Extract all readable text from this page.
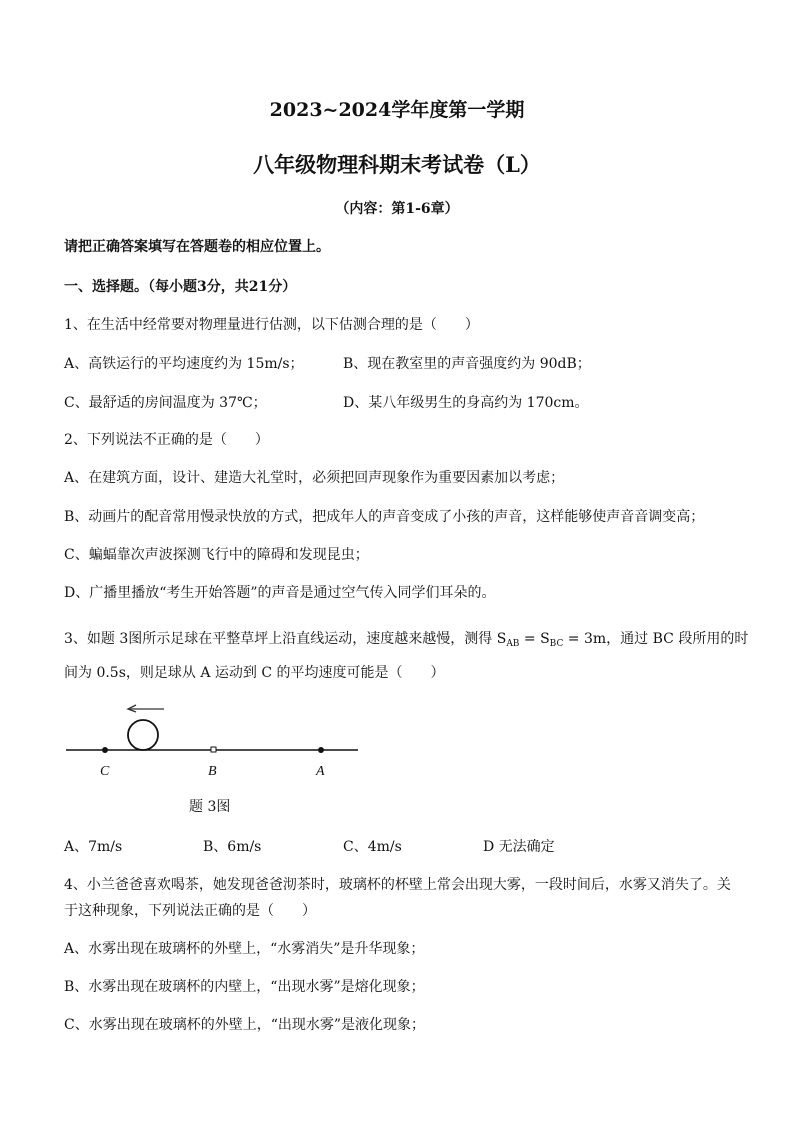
2023~2024学年度第一学期
八年级物理科期末考试卷（L）
（内容：第1-6章）
请把正确答案填写在答题卷的相应位置上。
一、选择题。（每小题3分，共21分）
1、在生活中经常要对物理量进行估测，以下估测合理的是（　　）
A、高铁运行的平均速度约为 15m/s；	B、现在教室里的声音强度约为 90dB；
C、最舒适的房间温度为 37℃；	D、某八年级男生的身高约为 170cm。
2、下列说法不正确的是（　　）
A、在建筑方面，设计、建造大礼堂时，必须把回声现象作为重要因素加以考虑；
B、动画片的配音常用慢录快放的方式，把成年人的声音变成了小孩的声音，这样能够使声音音调变高；
C、蝙蝠靠次声波探测飞行中的障碍和发现昆虫；
D、广播里播放“考生开始答题”的声音是通过空气传入同学们耳朵的。
3、如题 3图所示足球在平整草坪上沿直线运动，速度越来越慢，测得 $S_{AB} = S_{BC} = 3m$，通过 BC 段所用的时
间为 0.5s，则足球从 A 运动到 C 的平均速度可能是（　　）
C	B	A
题 3图
A、7m/s	B、6m/s	C、4m/s	D 无法确定
4、小兰爸爸喜欢喝茶，她发现爸爸沏茶时，玻璃杯的杯壁上常会出现大雾，一段时间后，水雾又消失了。关
于这种现象，下列说法正确的是（　　）
A、水雾出现在玻璃杯的外壁上，“水雾消失”是升华现象；
B、水雾出现在玻璃杯的内壁上，“出现水雾”是熔化现象；
C、水雾出现在玻璃杯的外壁上，“出现水雾”是液化现象；
